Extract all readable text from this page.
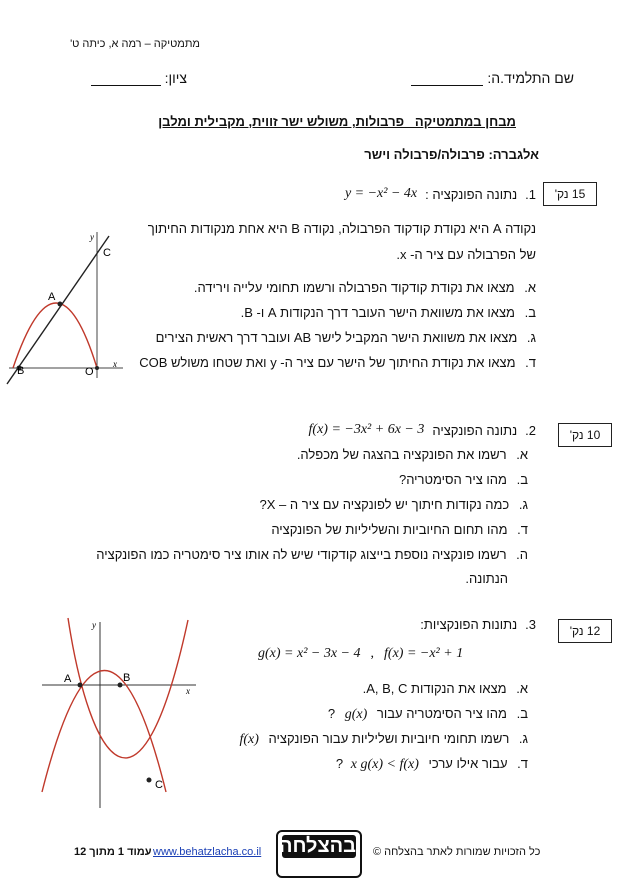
מתמטיקה – רמה א, כיתה ט'
שם התלמיד.ה:
ציון:
מבחן במתמטיקה   פרבולות, משולש ישר זווית, מקבילית ומלבן
אלגברה: פרבולה/פרבולה וישר
15 נק'
1.
נתונה הפונקציה :
y = −x² − 4x
נקודה A היא נקודת קודקוד הפרבולה, נקודה B היא אחת מנקודות החיתוך
של הפרבולה עם ציר ה- x.
א. מצאו את נקודת קודקוד הפרבולה ורשמו תחומי עלייה וירידה.
ב. מצאו את משוואת הישר העובר דרך הנקודות A ו- B.
ג. מצאו את משוואת הישר המקביל לישר AB ועובר דרך ראשית הצירים
ד. מצאו את נקודת החיתוך של הישר עם ציר ה- y ואת שטחו משולש COB
A
B
C
O
x
y
10 נק'
2.
נתונה הפונקציה
f(x) = −3x² + 6x − 3
א. רשמו את הפונקציה בהצגה של מכפלה.
ב. מהו ציר הסימטריה?
ג. כמה נקודות חיתוך יש לפונקציה עם ציר ה – X?
ד. מהו תחום החיוביות והשליליות של הפונקציה
ה. רשמו פונקציה נוספת בייצוג קודקודי שיש לה אותו ציר סימטריה כמו הפונקציה
הנתונה.
12 נק'
3.
נתונות הפונקציות:
g(x) = x² − 3x − 4 , f(x) = −x² + 1
א. מצאו את הנקודות A, B, C.
ב. מהו ציר הסימטריה עבור g(x) ?
ג. רשמו תחומי חיוביות ושליליות עבור הפונקציה f(x)
ד. עבור אילו ערכי x g(x) < f(x) ?
A	B
C
x
y
עמוד 1 מתוך 12 www.behatzlacha.co.il בהצלחה כל הזכויות שמורות לאתר בהצלחה ©
